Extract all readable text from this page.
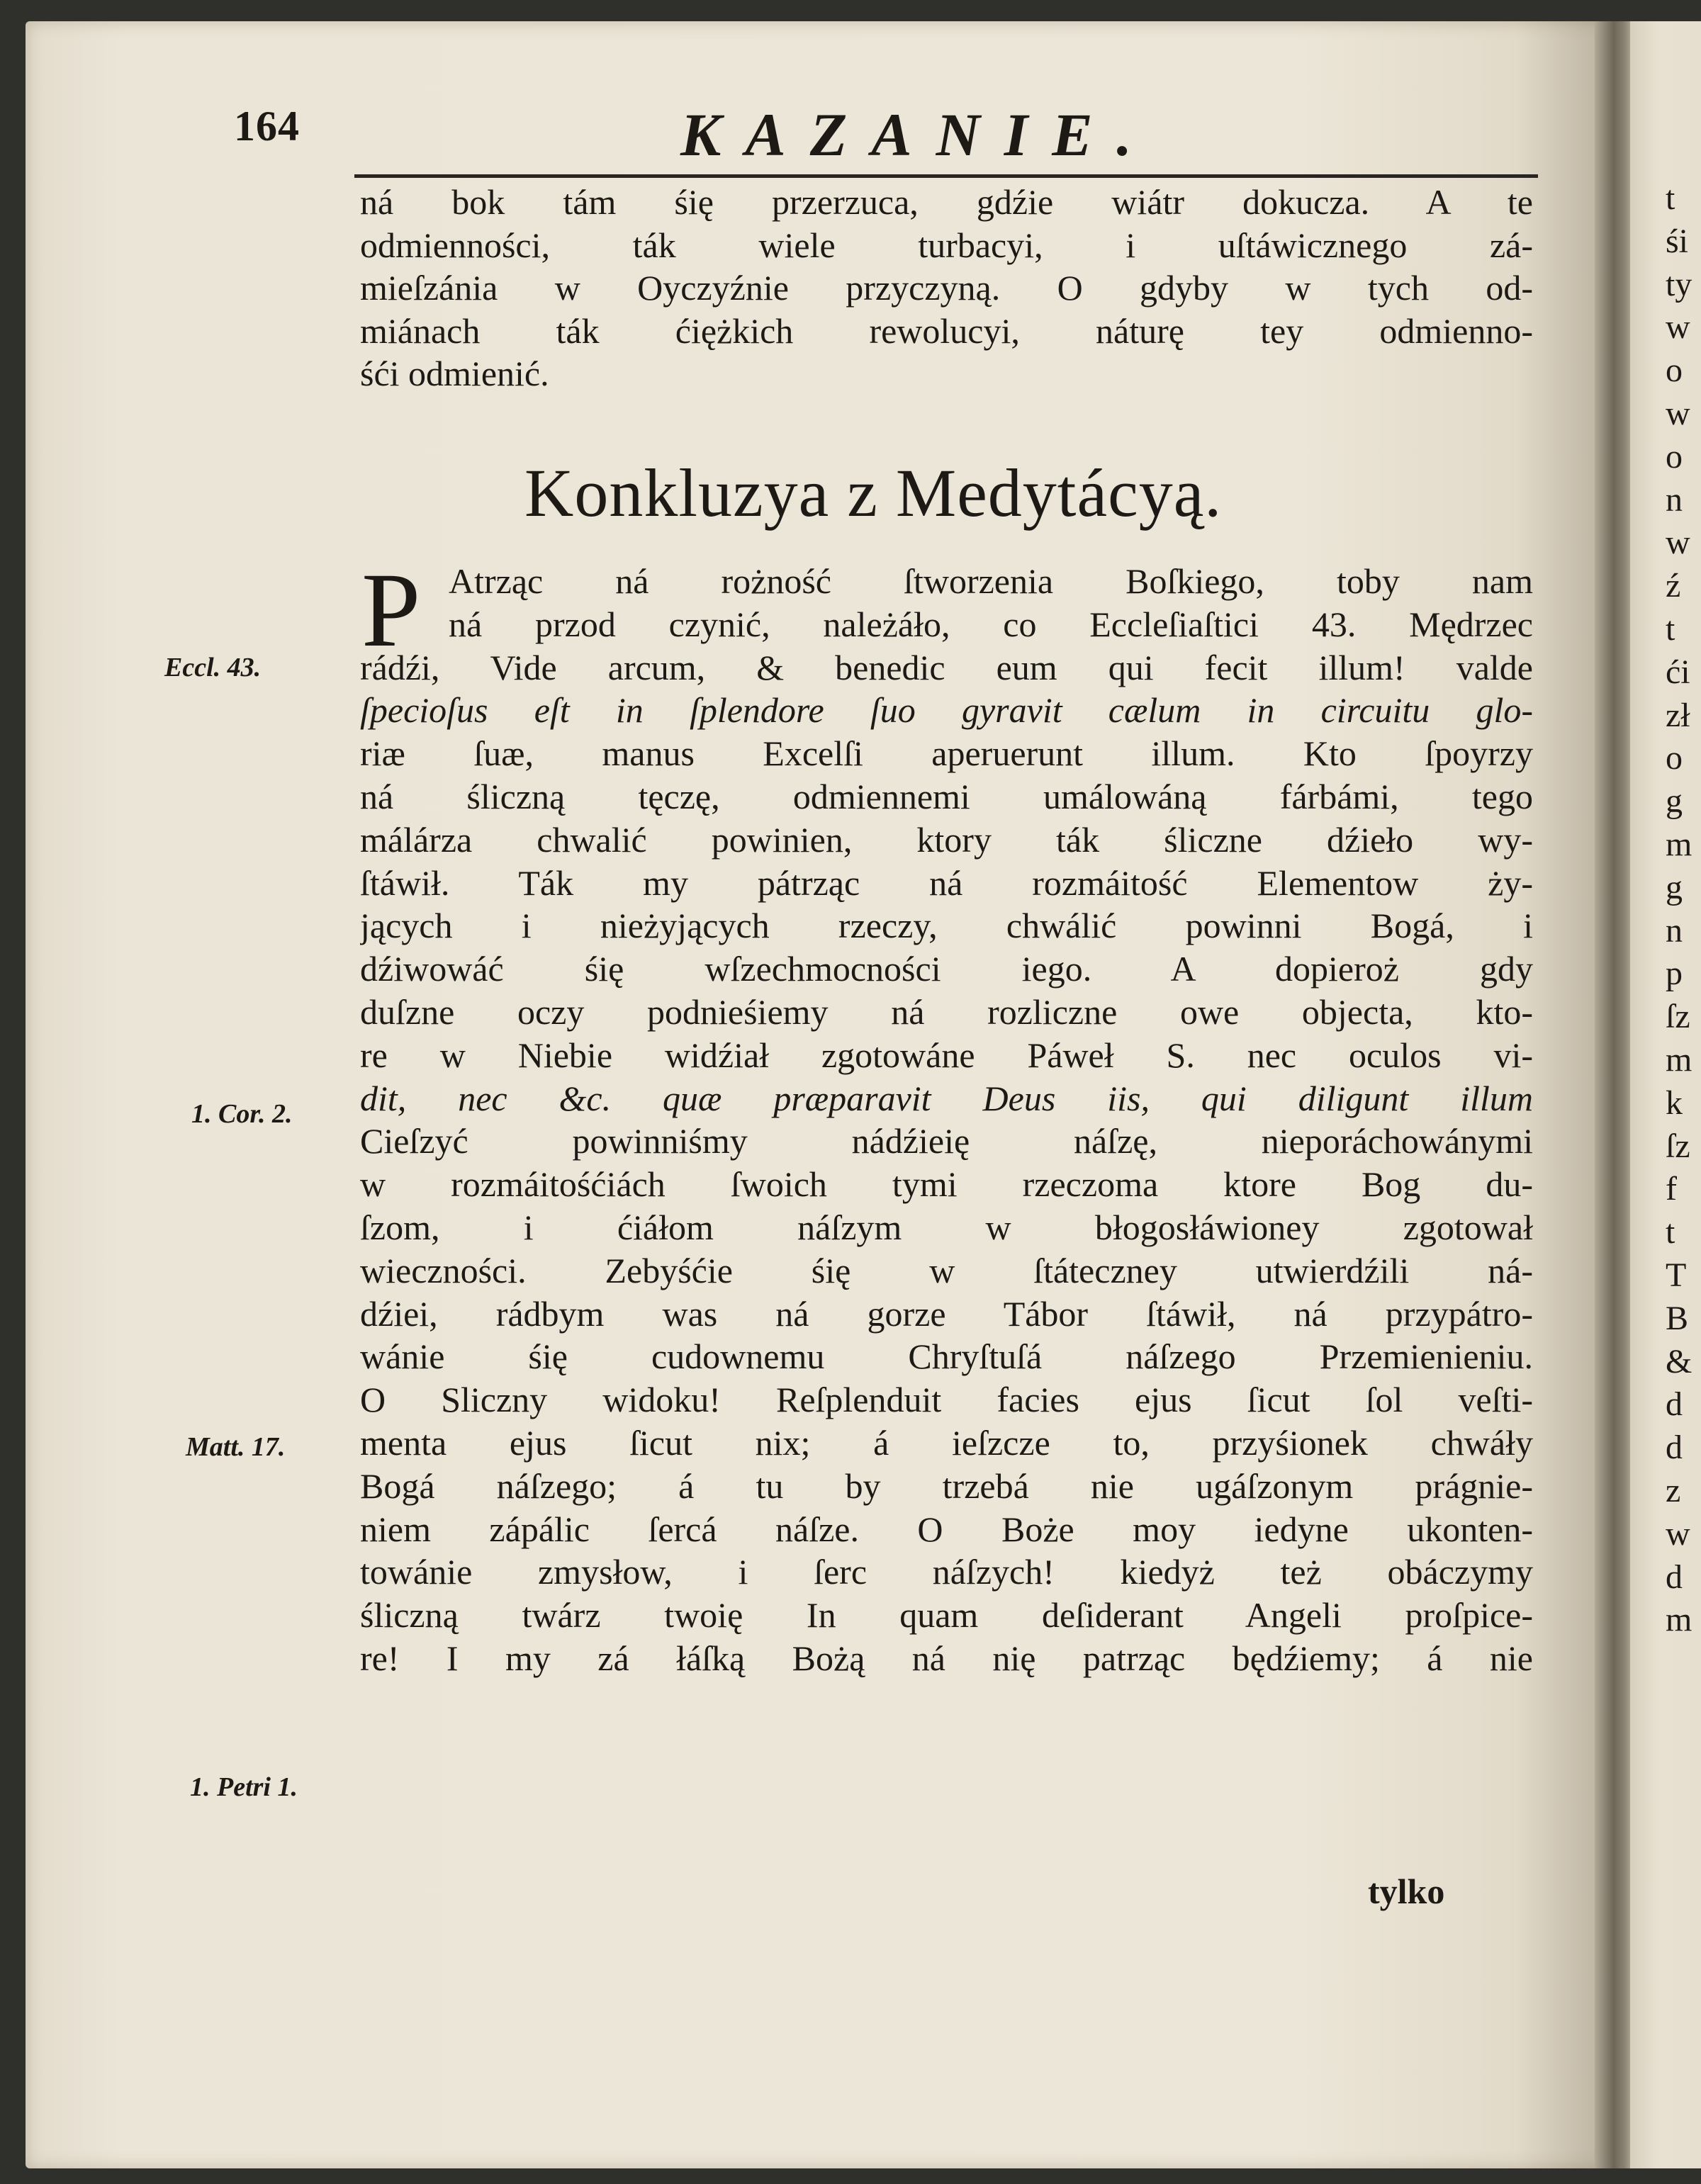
164	KAZANIE.
ná bok tám śię przerzuca, gdźie wiátr dokucza. A te
odmienności, ták wiele turbacyi, i uſtáwicznego zá-
mieſzánia w Oyczyźnie przyczyną. O gdyby w tych od-
miánach ták ćiężkich rewolucyi, náturę tey odmienno-
śći odmienić.
Konkluzya z Medytácyą.
P Atrząc ná rożność ſtworzenia Boſkiego, toby nam
ná przod czynić, należáło, co Eccleſiaſtici 43. Mędrzec
rádźi, Vide arcum, & benedic eum qui fecit illum! valde
ſpecioſus eſt in ſplendore ſuo gyravit cælum in circuitu glo-
riæ ſuæ, manus Excelſi aperuerunt illum. Kto ſpoyrzy
ná śliczną tęczę, odmiennemi umálowáną fárbámi, tego
málárza chwalić powinien, ktory ták śliczne dźieło wy-
ſtáwił. Ták my pátrząc ná rozmáitość Elementow ży-
jących i nieżyjących rzeczy, chwálić powinni Bogá, i
dźiwowáć śię wſzechmocności iego. A dopieroż gdy
duſzne oczy podnieśiemy ná rozliczne owe objecta, kto-
re w Niebie widźiał zgotowáne Páweł S. nec oculos vi-
dit, nec &c. quæ præparavit Deus iis, qui diligunt illum
Cieſzyć powinniśmy nádźieię náſzę, nieporáchowánymi
w rozmáitośćiách ſwoich tymi rzeczoma ktore Bog du-
ſzom, i ćiáłom náſzym w błogosłáwioney zgotował
wieczności. Zebyśćie śię w ſtáteczney utwierdźili ná-
dźiei, rádbym was ná gorze Tábor ſtáwił, ná przypátro-
wánie śię cudownemu Chryſtuſá náſzego Przemienieniu.
O Sliczny widoku! Reſplenduit facies ejus ſicut ſol veſti-
menta ejus ſicut nix; á ieſzcze to, przyśionek chwáły
Bogá náſzego; á tu by trzebá nie ugáſzonym prágnie-
niem zápálic ſercá náſze. O Boże moy iedyne ukonten-
towánie zmysłow, i ſerc náſzych! kiedyż też obáczymy
śliczną twárz twoię In quam deſiderant Angeli proſpice-
re! I my zá łáſką Bożą ná nię patrząc będźiemy; á nie
tylko
Eccl. 43.
1. Cor. 2.
Matt. 17.
1. Petri 1.
t
śi
ty
w
o
w
o
n
w
ź
t
ći
zł
o
g
m
g
n
p
ſz
m
k
ſz
f
t
T
B
&
d
d
z
w
d
m
